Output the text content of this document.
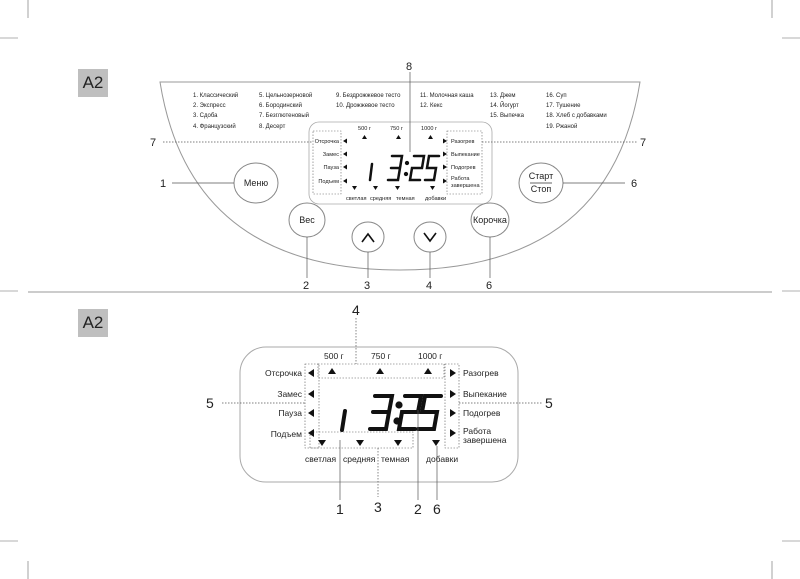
A2
A2
1. Классический
2. Экспресс
3. Сдоба
4. Французский
5. Цельнозерновой
6. Бородинский
7. Безглютеновый
8. Десерт
9. Бездрожжевое тесто
10. Дрожжевое тесто
11. Молочная каша
12. Кекс
13. Джем
14. Йогурт
15. Выпечка
16. Суп
17. Тушение
18. Хлеб с добавками
19. Ржаной
500 г	750 г	1000 г
Отсрочка
Замес
Пауза
Подъем
Разогрев
Выпекание
Подогрев
Работа
завершена
светлая средняя темная добавки
Меню
Вес	Корочка
Старт
Стоп
1
2	3	4	6
6
7	7
8
500 г	750 г	1000 г
Отсрочка
Замес
Пауза
Подъем
Разогрев
Выпекание
Подогрев
Работа
завершена
светлая средняя темная добавки
4
5	5
1 3 2 6
